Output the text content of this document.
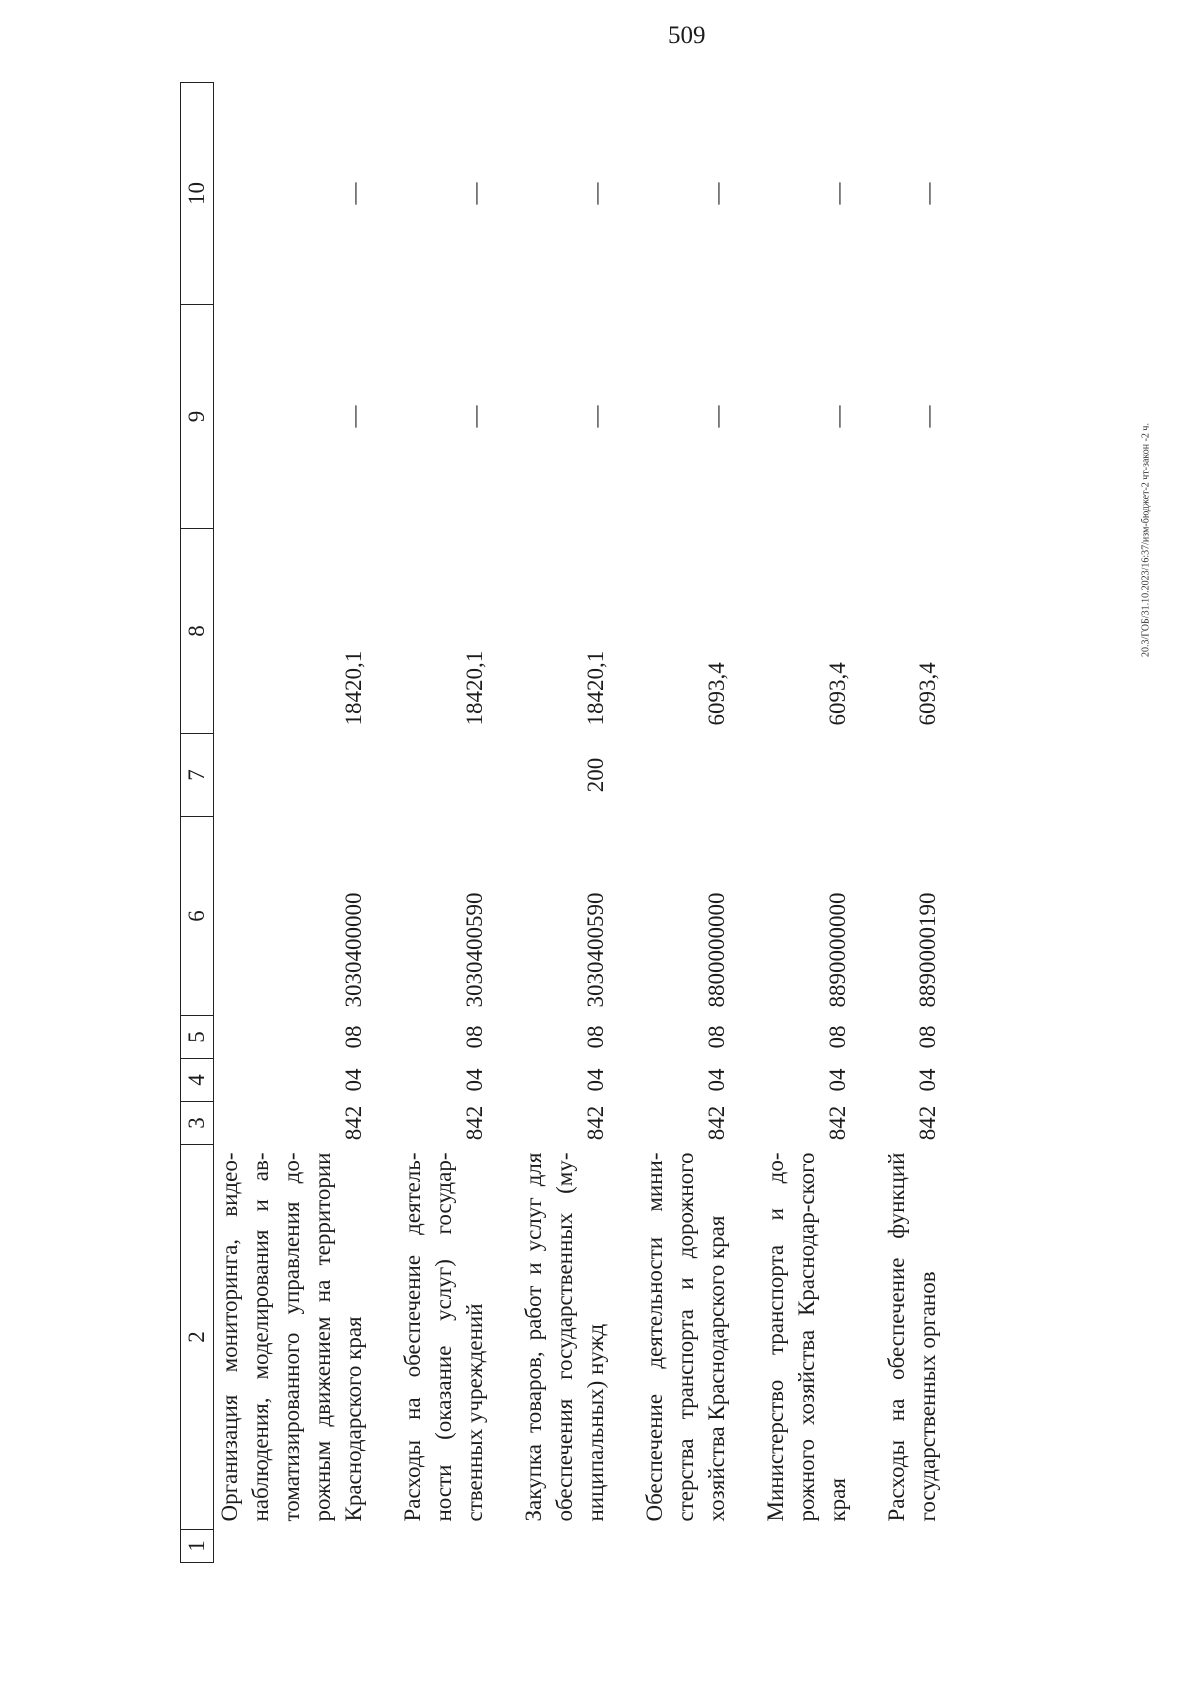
509
20.3/ГОБ/31.10.2023/16:37/изм-бюджет-2 чт-закон -2 ч.
1	2	3	4	5	6	7	8	9	10
	Организация мониторинга, видео-наблюдения, моделирования и ав-томатизированного управления до-рожным движением на территории Краснодарского края	842	04	08	3030400000		18420,1	—	—

	Расходы на обеспечение деятель-ности (оказание услуг) государ-ственных учреждений	842	04	08	3030400590		18420,1	—	—

	Закупка товаров, работ и услуг для обеспечения государственных (му-ниципальных) нужд	842	04	08	3030400590	200	18420,1	—	—

	Обеспечение деятельности мини-стерства транспорта и дорожного хозяйства Краснодарского края	842	04	08	8800000000		6093,4	—	—

	Министерство транспорта и до-рожного хозяйства Краснодар-ского края	842	04	08	8890000000		6093,4	—	—

	Расходы на обеспечение функций государственных органов	842	04	08	8890000190		6093,4	—	—
